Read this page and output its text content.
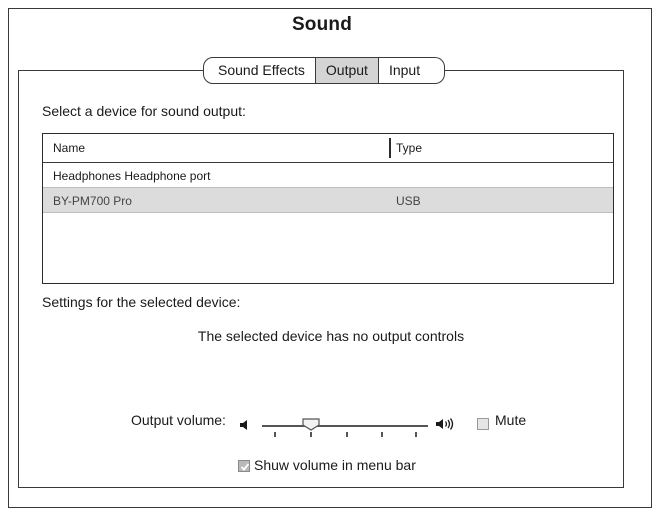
Sound
Sound Effects	Output	Input
Select a device for sound output:
Name	Type
Headphones Headphone port
BY-PM700 Pro	USB
Settings for the selected device:
The selected device has no output controls
Output volume:	Mute
Shuw volume in menu bar
